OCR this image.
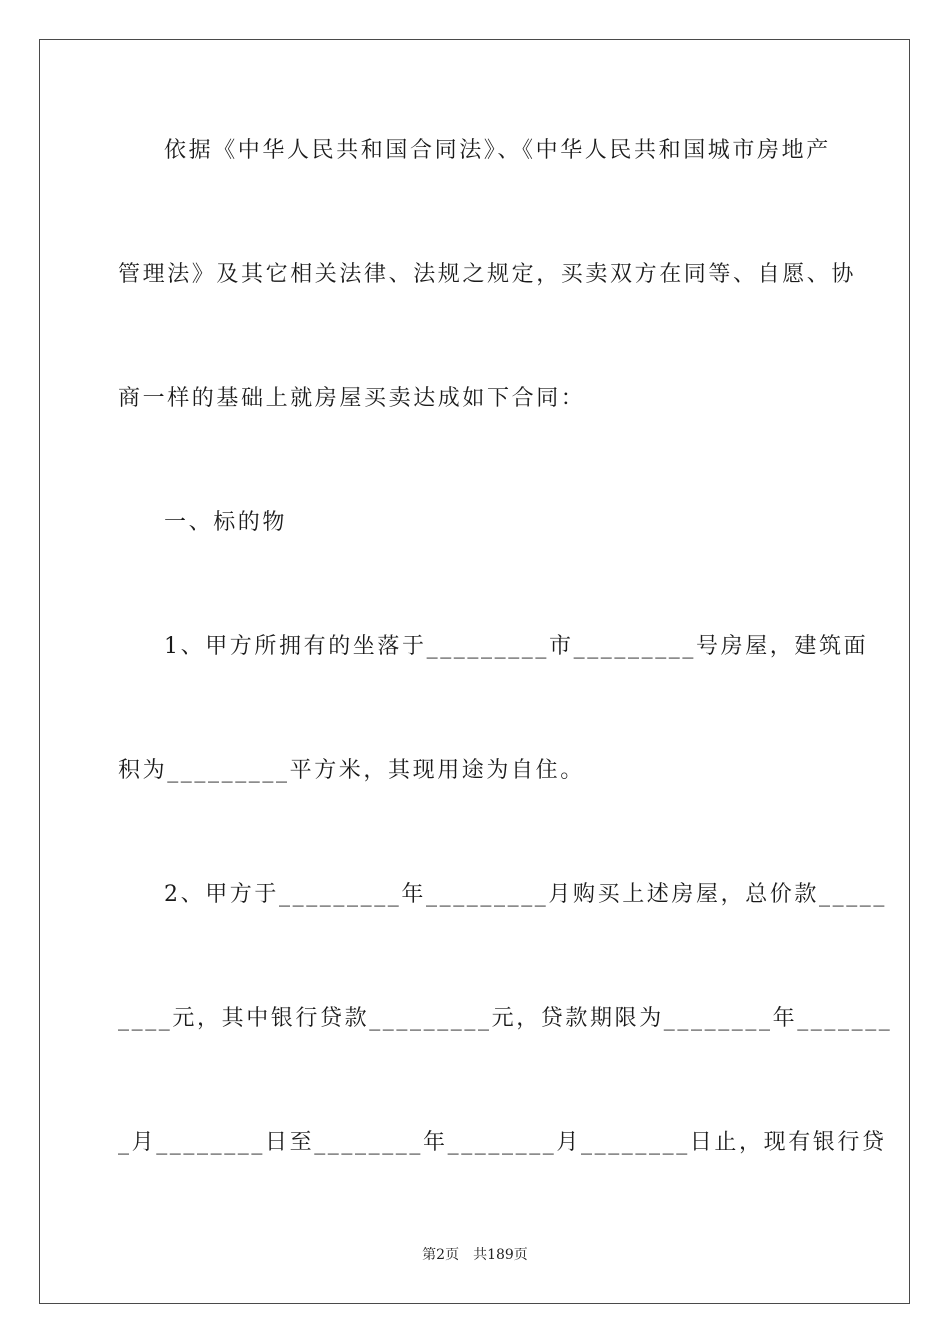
依据《中华人民共和国合同法》、《中华人民共和国城市房地产
管理法》及其它相关法律、法规之规定，买卖双方在同等、自愿、协
商一样的基础上就房屋买卖达成如下合同：
一、标的物
1、甲方所拥有的坐落于_________市_________号房屋，建筑面
积为_________平方米，其现用途为自住。
2、甲方于_________年_________月购买上述房屋，总价款_____
____元，其中银行贷款_________元，贷款期限为________年_______
_月________日至________年________月________日止，现有银行贷
第2页　共189页
